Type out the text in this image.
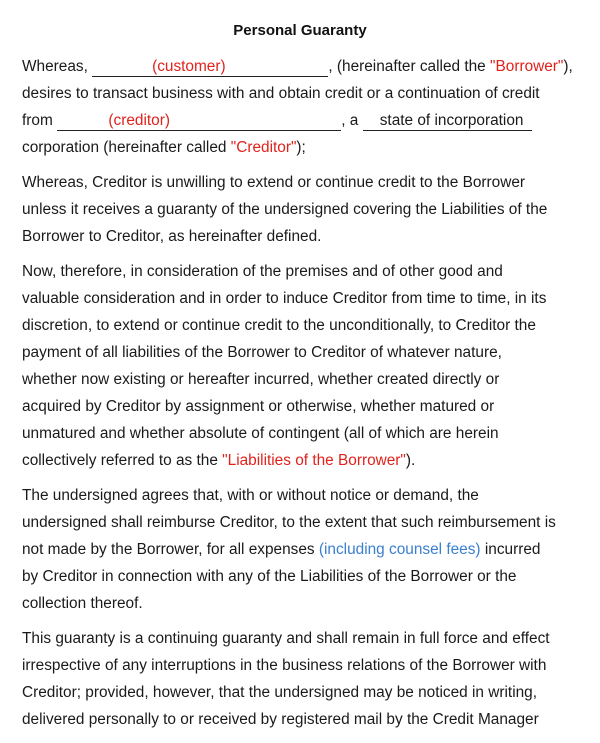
Personal Guaranty
Whereas,	(customer)	, (hereinafter called the "Borrower"),
desires to transact business with and obtain credit or a continuation of credit
from	(creditor)	, a state of incorporation
corporation (hereinafter called "Creditor");
Whereas, Creditor is unwilling to extend or continue credit to the Borrower
unless it receives a guaranty of the undersigned covering the Liabilities of the
Borrower to Creditor, as hereinafter defined.
Now, therefore, in consideration of the premises and of other good and
valuable consideration and in order to induce Creditor from time to time, in its
discretion, to extend or continue credit to the unconditionally, to Creditor the
payment of all liabilities of the Borrower to Creditor of whatever nature,
whether now existing or hereafter incurred, whether created directly or
acquired by Creditor by assignment or otherwise, whether matured or
unmatured and whether absolute of contingent (all of which are herein
collectively referred to as the "Liabilities of the Borrower").
The undersigned agrees that, with or without notice or demand, the
undersigned shall reimburse Creditor, to the extent that such reimbursement is
not made by the Borrower, for all expenses (including counsel fees) incurred
by Creditor in connection with any of the Liabilities of the Borrower or the
collection thereof.
This guaranty is a continuing guaranty and shall remain in full force and effect
irrespective of any interruptions in the business relations of the Borrower with
Creditor; provided, however, that the undersigned may be noticed in writing,
delivered personally to or received by registered mail by the Credit Manager
